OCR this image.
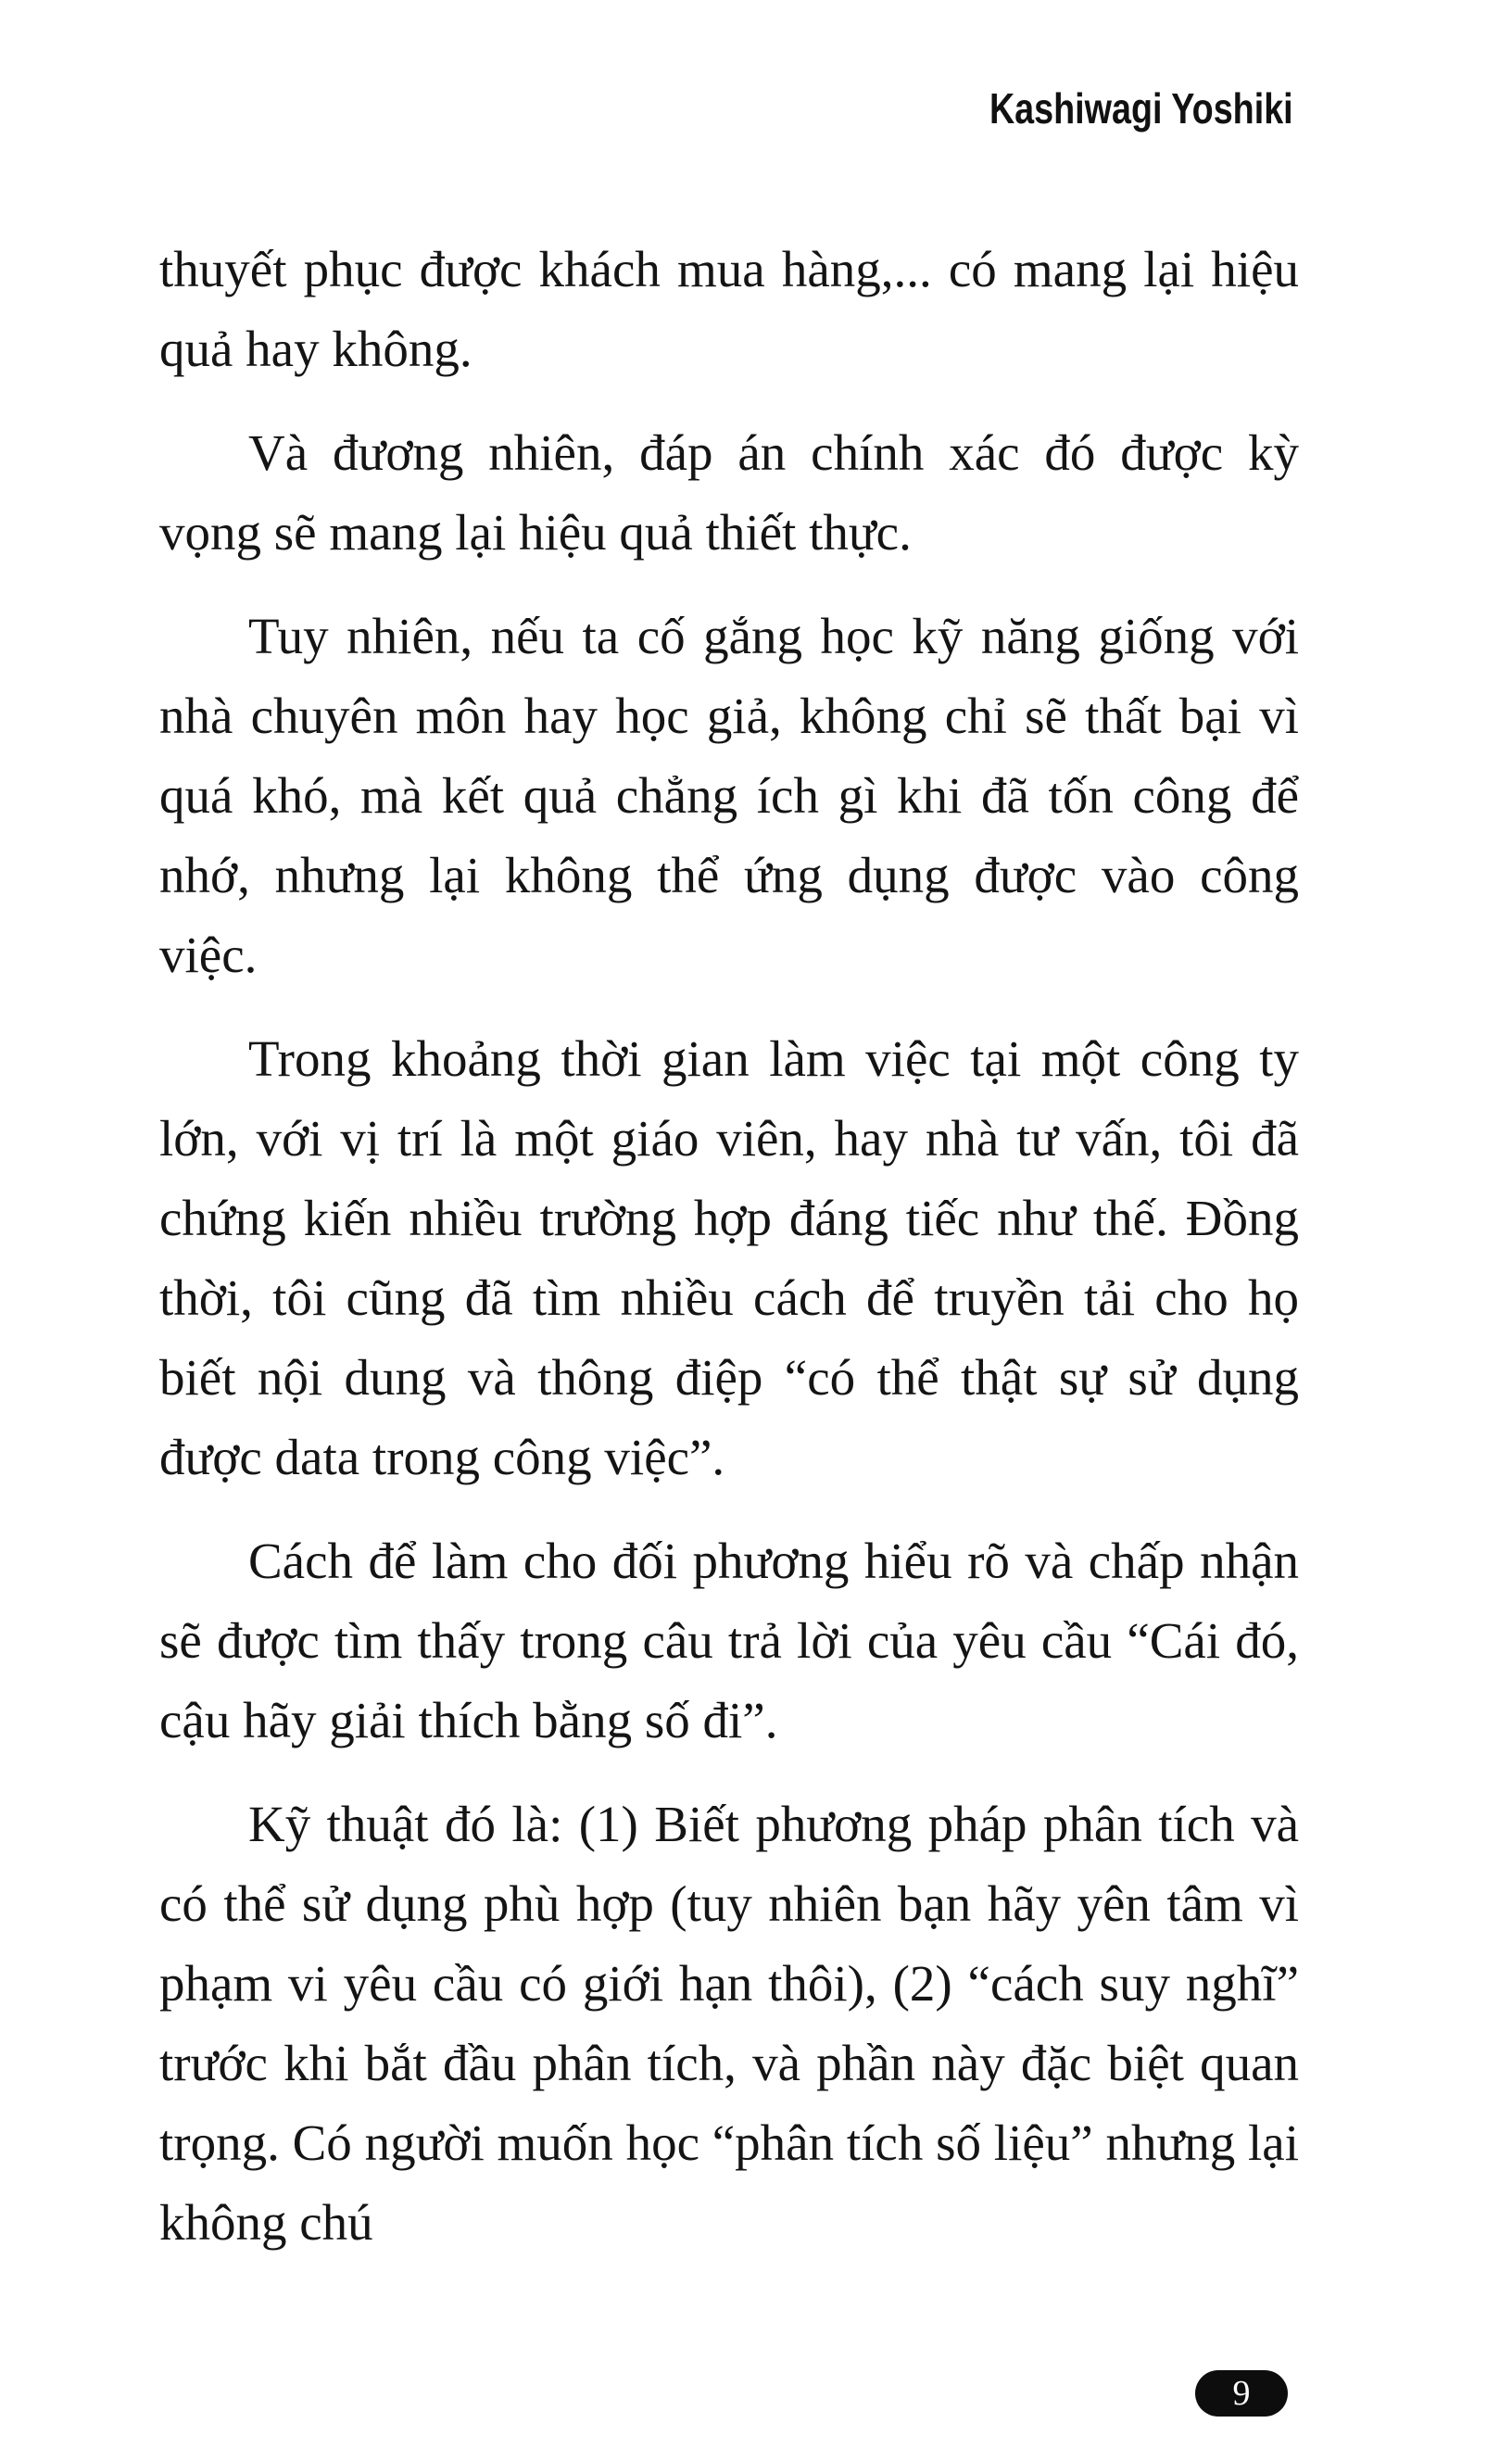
Kashiwagi Yoshiki

thuyết phục được khách mua hàng,... có mang lại hiệu quả hay không.

Và đương nhiên, đáp án chính xác đó được kỳ vọng sẽ mang lại hiệu quả thiết thực.

Tuy nhiên, nếu ta cố gắng học kỹ năng giống với nhà chuyên môn hay học giả, không chỉ sẽ thất bại vì quá khó, mà kết quả chẳng ích gì khi đã tốn công để nhớ, nhưng lại không thể ứng dụng được vào công việc.

Trong khoảng thời gian làm việc tại một công ty lớn, với vị trí là một giáo viên, hay nhà tư vấn, tôi đã chứng kiến nhiều trường hợp đáng tiếc như thế. Đồng thời, tôi cũng đã tìm nhiều cách để truyền tải cho họ biết nội dung và thông điệp “có thể thật sự sử dụng được data trong công việc”.

Cách để làm cho đối phương hiểu rõ và chấp nhận sẽ được tìm thấy trong câu trả lời của yêu cầu “Cái đó, cậu hãy giải thích bằng số đi”.

Kỹ thuật đó là: (1) Biết phương pháp phân tích và có thể sử dụng phù hợp (tuy nhiên bạn hãy yên tâm vì phạm vi yêu cầu có giới hạn thôi), (2) “cách suy nghĩ” trước khi bắt đầu phân tích, và phần này đặc biệt quan trọng. Có người muốn học “phân tích số liệu” nhưng lại không chú

9
